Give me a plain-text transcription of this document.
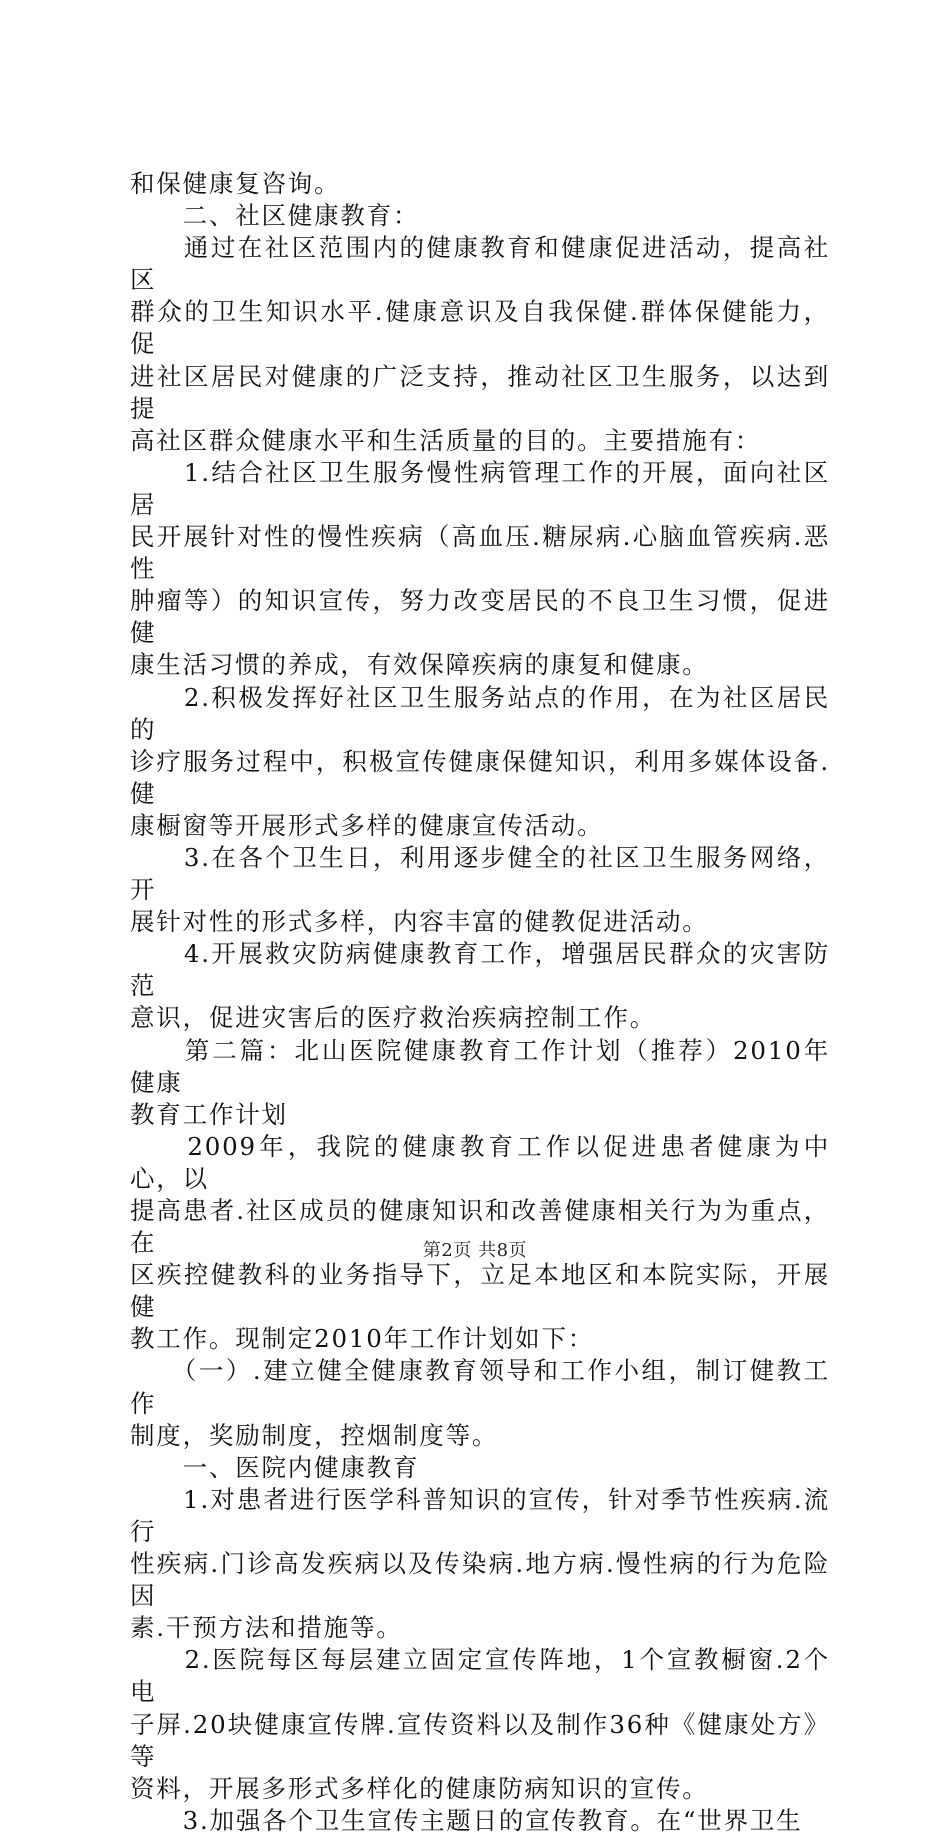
和保健康复咨询。

　　二、社区健康教育：

　　通过在社区范围内的健康教育和健康促进活动，提高社区
群众的卫生知识水平.健康意识及自我保健.群体保健能力，促
进社区居民对健康的广泛支持，推动社区卫生服务，以达到提
高社区群众健康水平和生活质量的目的。主要措施有：

　　1.结合社区卫生服务慢性病管理工作的开展，面向社区居
民开展针对性的慢性疾病（高血压.糖尿病.心脑血管疾病.恶性
肿瘤等）的知识宣传，努力改变居民的不良卫生习惯，促进健
康生活习惯的养成，有效保障疾病的康复和健康。

　　2.积极发挥好社区卫生服务站点的作用，在为社区居民的
诊疗服务过程中，积极宣传健康保健知识，利用多媒体设备.健
康橱窗等开展形式多样的健康宣传活动。

　　3.在各个卫生日，利用逐步健全的社区卫生服务网络，开
展针对性的形式多样，内容丰富的健教促进活动。

　　4.开展救灾防病健康教育工作，增强居民群众的灾害防范
意识，促进灾害后的医疗救治疾病控制工作。

　　第二篇：北山医院健康教育工作计划（推荐）2010年健康
教育工作计划

　　2009年，我院的健康教育工作以促进患者健康为中心，以
提高患者.社区成员的健康知识和改善健康相关行为为重点，在
区疾控健教科的业务指导下，立足本地区和本院实际，开展健
教工作。现制定2010年工作计划如下：

　　（一）.建立健全健康教育领导和工作小组，制订健教工作
制度，奖励制度，控烟制度等。

　　一、医院内健康教育

　　1.对患者进行医学科普知识的宣传，针对季节性疾病.流行
性疾病.门诊高发疾病以及传染病.地方病.慢性病的行为危险因
素.干预方法和措施等。

　　2.医院每区每层建立固定宣传阵地，1个宣教橱窗.2个电
子屏.20块健康宣传牌.宣传资料以及制作36种《健康处方》等
资料，开展多形式多样化的健康防病知识的宣传。

　　3.加强各个卫生宣传主题日的宣传教育。在“世界卫生

第2页 共8页
